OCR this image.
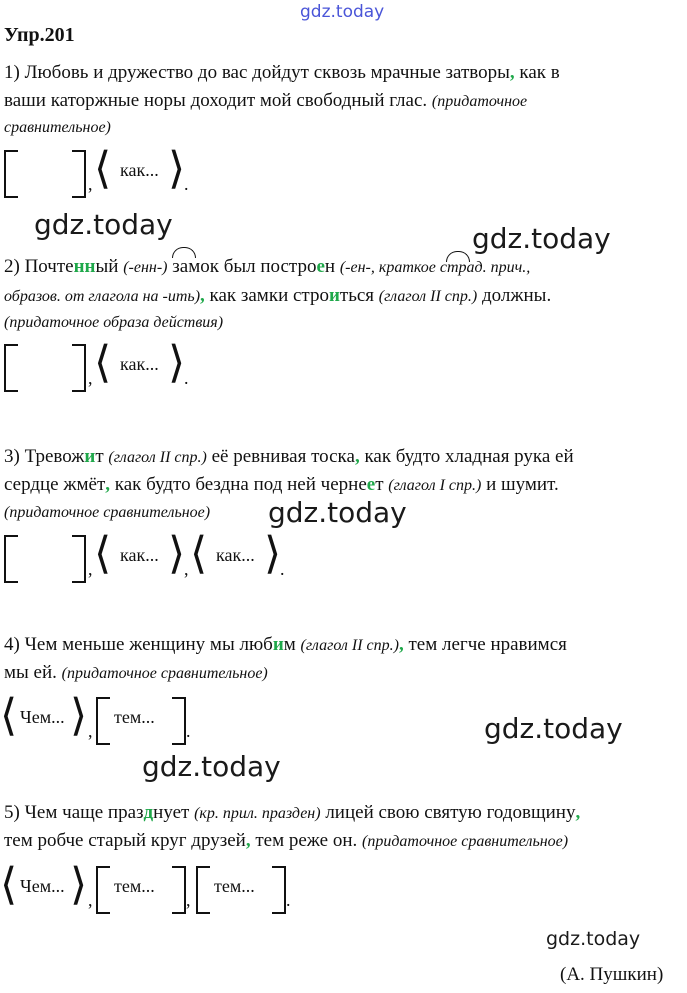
gdz.today
Упр.201
1) Любовь и дружество до вас дойдут сквозь мрачные затворы, как в
ваши каторжные норы доходит мой свободный глас. (придаточное
сравнительное)
, ⟨ как... ⟩
.
gdz.today	gdz.today
2) Почтенный (-енн-) замок был построен (-ен-, краткое страд. прич.,
образов. от глагола на -ить), как замки строиться (глагол II спр.) должны.
(придаточное образа действия)
, ⟨ как... ⟩
.
3) Тревожит (глагол II спр.) её ревнивая тоска, как будто хладная рука ей
сердце жмёт, как будто бездна под ней чернеет (глагол I спр.) и шумит.
(придаточное сравнительное) gdz.today
, ⟨ как... ⟩
, ⟨ как... ⟩
.
4) Чем меньше женщину мы любим (глагол II спр.), тем легче нравимся
мы ей. (придаточное сравнительное)
⟨ Чем... ⟩ ,
тем...
.	gdz.today
gdz.today
5) Чем чаще празднует (кр. прил. празден) лицей свою святую годовщину,
тем робче старый круг друзей, тем реже он. (придаточное сравнительное)
⟨ Чем... ⟩ ,
тем...
,
тем...
.
gdz.today
(А. Пушкин)
